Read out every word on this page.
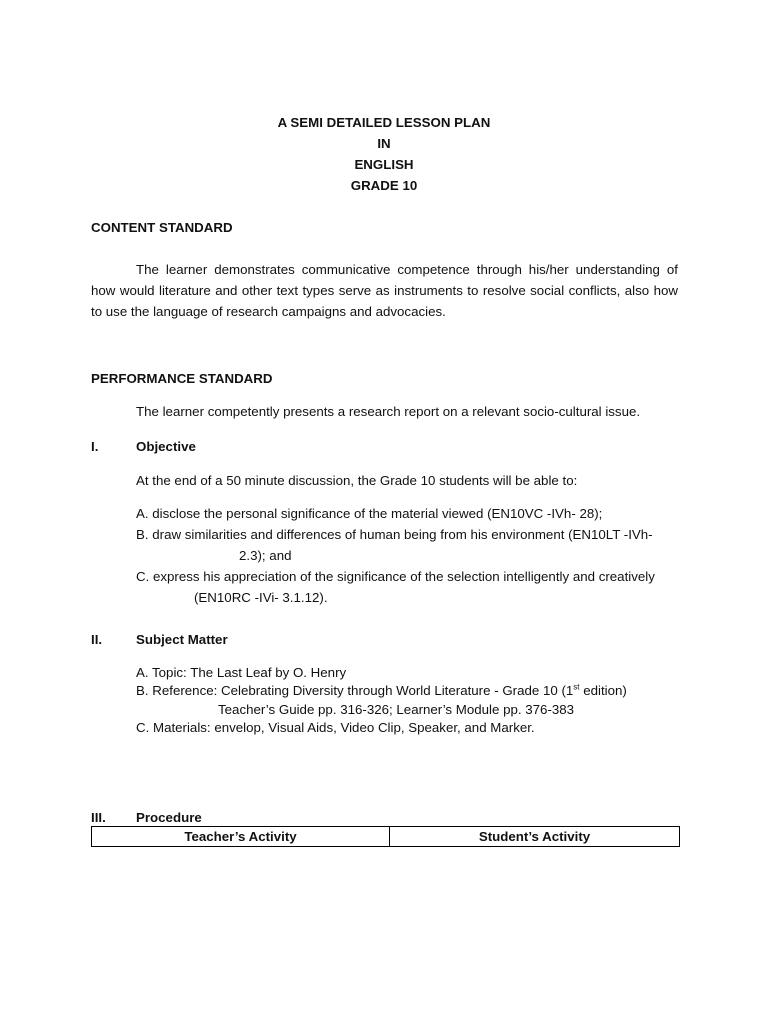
A SEMI DETAILED LESSON PLAN
IN
ENGLISH
GRADE 10
CONTENT STANDARD
The learner demonstrates communicative competence through his/her understanding of
how would literature and other text types serve as instruments to resolve social conflicts, also how
to use the language of research campaigns and advocacies.
PERFORMANCE STANDARD
The learner competently presents a research report on a relevant socio-cultural issue.
I.	Objective
At the end of a 50 minute discussion, the Grade 10 students will be able to:
A. disclose the personal significance of the material viewed (EN10VC -IVh- 28);
B. draw similarities and differences of human being from his environment (EN10LT -IVh-
2.3); and
C. express his appreciation of the significance of the selection intelligently and creatively
(EN10RC -IVi- 3.1.12).
II.	Subject Matter
A. Topic: The Last Leaf by O. Henry
B. Reference: Celebrating Diversity through World Literature - Grade 10 (1st edition)
Teacher’s Guide pp. 316-326; Learner’s Module pp. 376-383
C. Materials: envelop, Visual Aids, Video Clip, Speaker, and Marker.
III. Procedure
Teacher’s Activity	Student’s Activity
